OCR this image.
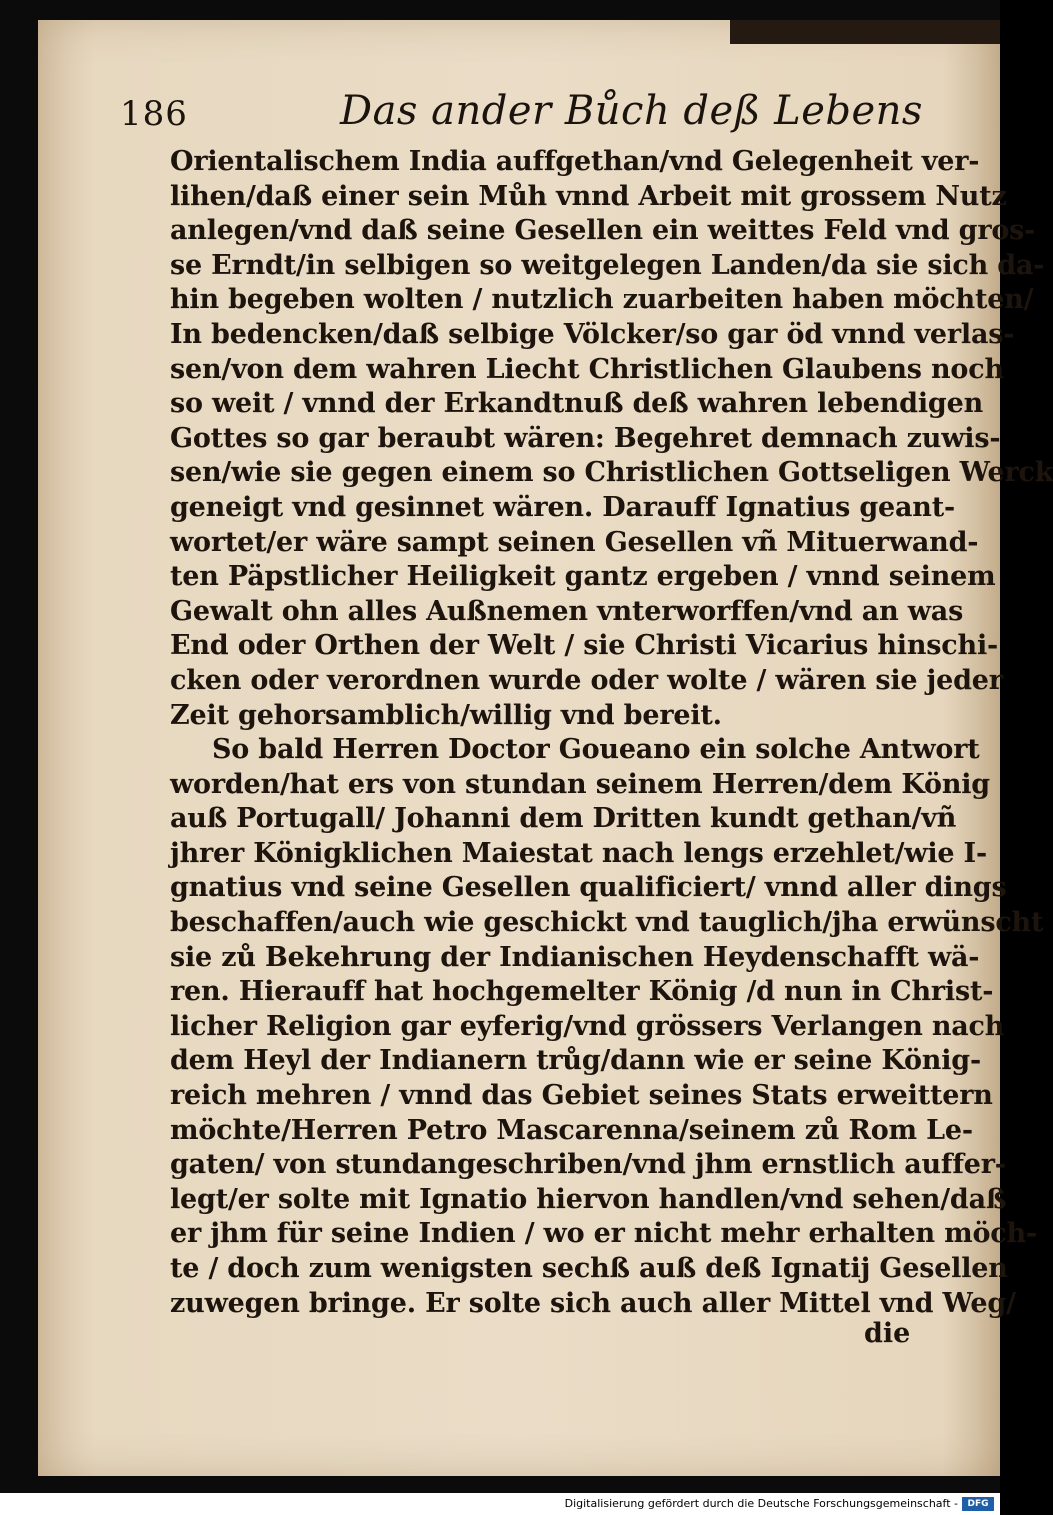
186	Das ander Bůch deß Lebens
Orientalischem India auffgethan/vnd Gelegenheit ver-
lihen/daß einer sein Můh vnnd Arbeit mit grossem Nutz
anlegen/vnd daß seine Gesellen ein weittes Feld vnd gros-
se Erndt/in selbigen so weitgelegen Landen/da sie sich da-
hin begeben wolten / nutzlich zuarbeiten haben möchten/
In bedencken/daß selbige Völcker/so gar öd vnnd verlas-
sen/von dem wahren Liecht Christlichen Glaubens noch
so weit / vnnd der Erkandtnuß deß wahren lebendigen
Gottes so gar beraubt wären: Begehret demnach zuwis-
sen/wie sie gegen einem so Christlichen Gottseligen Werck
geneigt vnd gesinnet wären. Darauff Ignatius geant-
wortet/er wäre sampt seinen Gesellen vñ Mituerwand-
ten Päpstlicher Heiligkeit gantz ergeben / vnnd seinem
Gewalt ohn alles Außnemen vnterworffen/vnd an was
End oder Orthen der Welt / sie Christi Vicarius hinschi-
cken oder verordnen wurde oder wolte / wären sie jeder
Zeit gehorsamblich/willig vnd bereit.
So bald Herren Doctor Goueano ein solche Antwort
worden/hat ers von stundan seinem Herren/dem König
auß Portugall/ Johanni dem Dritten kundt gethan/vñ
jhrer Königklichen Maiestat nach lengs erzehlet/wie I-
gnatius vnd seine Gesellen qualificiert/ vnnd aller dings
beschaffen/auch wie geschickt vnd tauglich/jha erwünscht
sie zů Bekehrung der Indianischen Heydenschafft wä-
ren. Hierauff hat hochgemelter König /d nun in Christ-
licher Religion gar eyferig/vnd grössers Verlangen nach
dem Heyl der Indianern trůg/dann wie er seine König-
reich mehren / vnnd das Gebiet seines Stats erweittern
möchte/Herren Petro Mascarenna/seinem zů Rom Le-
gaten/ von stundangeschriben/vnd jhm ernstlich auffer-
legt/er solte mit Ignatio hiervon handlen/vnd sehen/daß
er jhm für seine Indien / wo er nicht mehr erhalten möch-
te / doch zum wenigsten sechß auß deß Ignatij Gesellen
zuwegen bringe. Er solte sich auch aller Mittel vnd Weg/
die
Digitalisierung gefördert durch die Deutsche Forschungsgemeinschaft -	DFG
